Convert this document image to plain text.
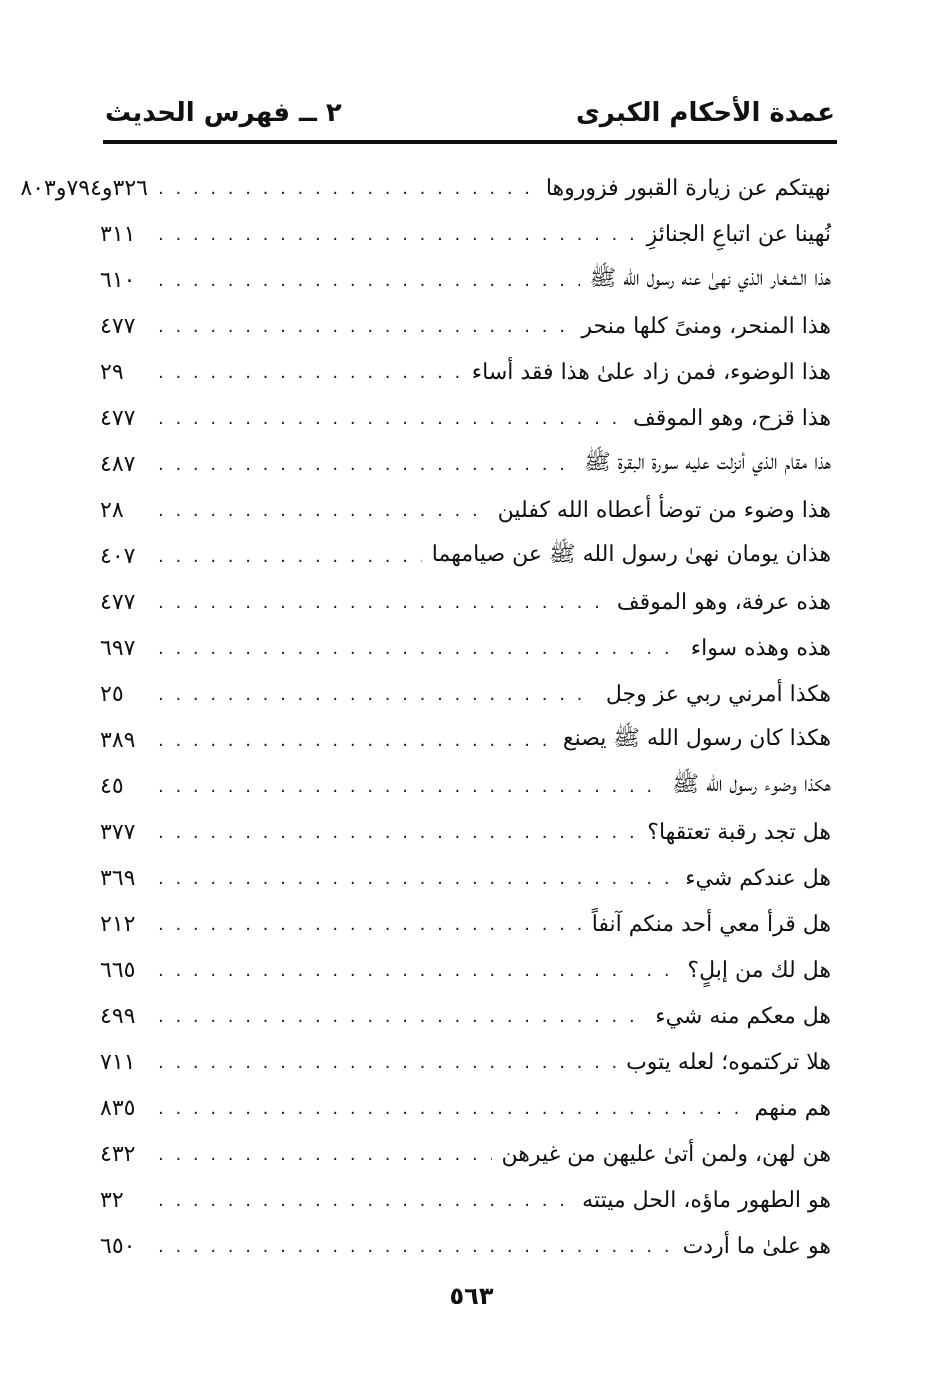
عمدة الأحكام الكبرى
٢ ــ فهرس الحديث
نهيتكم عن زيارة القبور فزوروها
. . .
٣٢٦و٧٩٤و٨٠٣
نُهينا عن اتباعِ الجنائزِ
. . .
٣١١
هذا الشغار الذي نهىٰ عنه رسول الله ﷺ
. . .
٦١٠
هذا المنحر، ومنىً كلها منحر
. . .
٤٧٧
هذا الوضوء، فمن زاد علىٰ هذا فقد أساء
. . .
٢٩
هذا قزح، وهو الموقف
. . .
٤٧٧
هذا مقام الذي أنزلت عليه سورة البقرة ﷺ
. . .
٤٨٧
هذا وضوء من توضأ أعطاه الله كفلين
. . .
٢٨
هذان يومان نهىٰ رسول الله ﷺ عن صيامهما
. . .
٤٠٧
هذه عرفة، وهو الموقف
. . .
٤٧٧
هذه وهذه سواء
. . .
٦٩٧
هكذا أمرني ربي عز وجل
. . .
٢٥
هكذا كان رسول الله ﷺ يصنع
. . .
٣٨٩
هكذا وضوء رسول الله ﷺ
. . .
٤٥
هل تجد رقبة تعتقها؟
. . .
٣٧٧
هل عندكم شيء
. . .
٣٦٩
هل قرأ معي أحد منكم آنفاً
. . .
٢١٢
هل لك من إبلٍ؟
. . .
٦٦٥
هل معكم منه شيء
. . .
٤٩٩
هلا تركتموه؛ لعله يتوب
. . .
٧١١
هم منهم
. . .
٨٣٥
هن لهن، ولمن أتىٰ عليهن من غيرهن
. . .
٤٣٢
هو الطهور ماؤه، الحل ميتته
. . .
٣٢
هو علىٰ ما أردت
. . .
٦٥٠
٥٦٣
